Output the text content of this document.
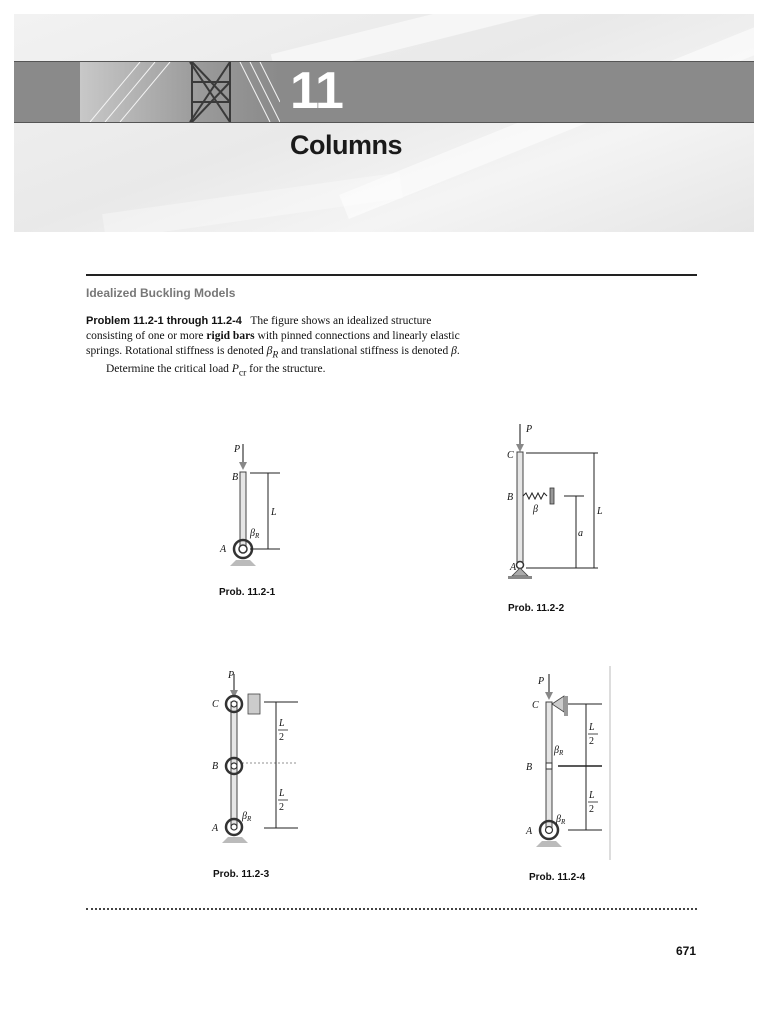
11
Columns
Idealized Buckling Models
Problem 11.2-1 through 11.2-4 The figure shows an idealized structure consisting of one or more rigid bars with pinned connections and linearly elastic springs. Rotational stiffness is denoted $\beta_R$ and translational stiffness is denoted β.
Determine the critical load $P_{cr}$ for the structure.
P
B
A
$\beta_R$
L
Prob. 11.2-1
P
C
B
β
A
L
a
Prob. 11.2-2
P
C
B
A
$\beta_R$
L
2
L
2
Prob. 11.2-3
P
C
B
$\beta_R$
A
$\beta_R$
L
2
L
2
Prob. 11.2-4
671
